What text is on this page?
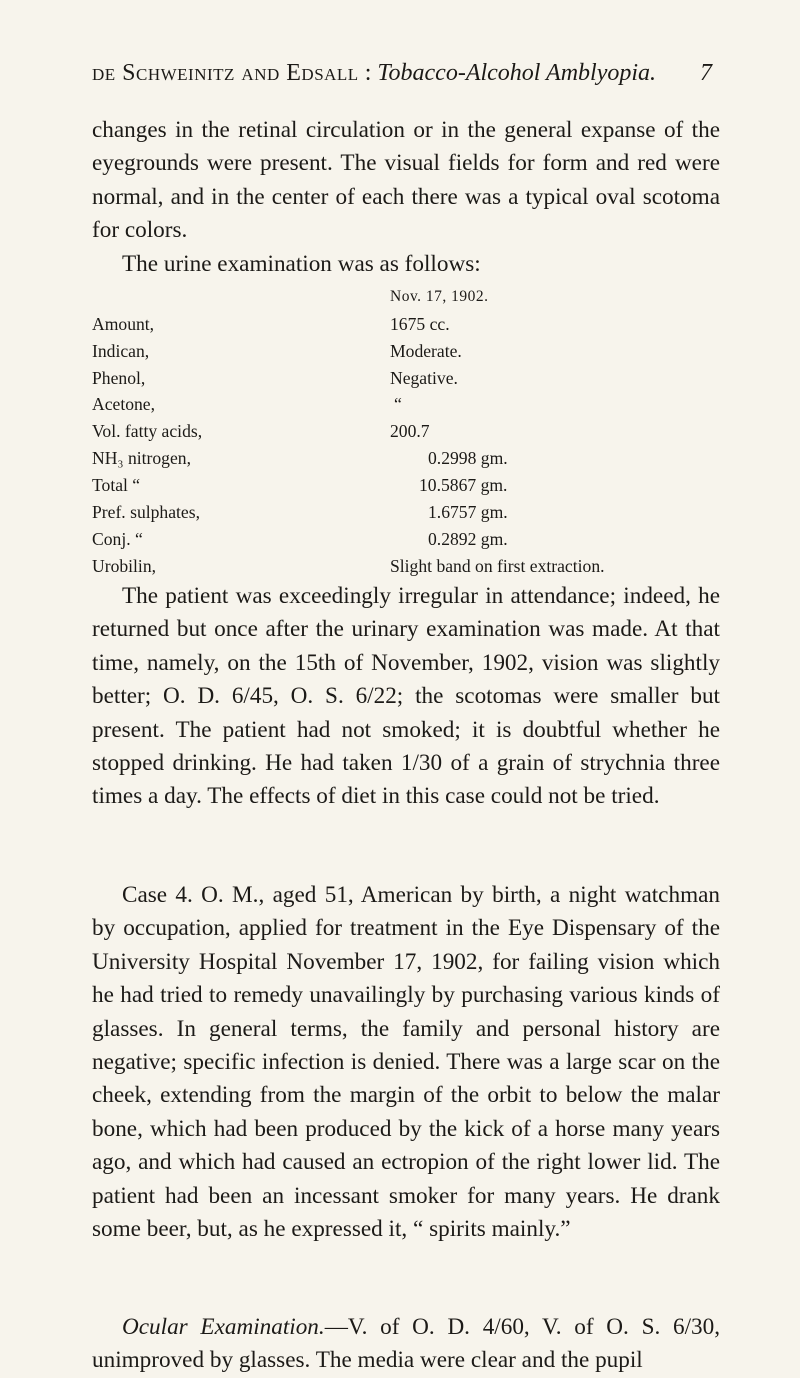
de Schweinitz and Edsall : Tobacco-Alcohol Amblyopia. 7

changes in the retinal circulation or in the general expanse of the eyegrounds were present. The visual fields for form and red were normal, and in the center of each there was a typical oval scotoma for colors.

The urine examination was as follows:

Nov. 17, 1902.
Amount,	1675 cc.
Indican,	Moderate.
Phenol,	Negative.
Acetone,	“
Vol. fatty acids,	200.7
NH₃ nitrogen,	0.2998 gm.
Total “	10.5867 gm.
Pref. sulphates,	1.6757 gm.
Conj. “	0.2892 gm.
Urobilin,	Slight band on first extraction.

The patient was exceedingly irregular in attendance; indeed, he returned but once after the urinary examination was made. At that time, namely, on the 15th of November, 1902, vision was slightly better; O. D. 6/45, O. S. 6/22; the scotomas were smaller but present. The patient had not smoked; it is doubtful whether he stopped drinking. He had taken 1/30 of a grain of strychnia three times a day. The effects of diet in this case could not be tried.

Case 4. O. M., aged 51, American by birth, a night watchman by occupation, applied for treatment in the Eye Dispensary of the University Hospital November 17, 1902, for failing vision which he had tried to remedy unavailingly by purchasing various kinds of glasses. In general terms, the family and personal history are negative; specific infection is denied. There was a large scar on the cheek, extending from the margin of the orbit to below the malar bone, which had been produced by the kick of a horse many years ago, and which had caused an ectropion of the right lower lid. The patient had been an incessant smoker for many years. He drank some beer, but, as he expressed it, “ spirits mainly.”

Ocular Examination.—V. of O. D. 4/60, V. of O. S. 6/30, unimproved by glasses. The media were clear and the pupil
